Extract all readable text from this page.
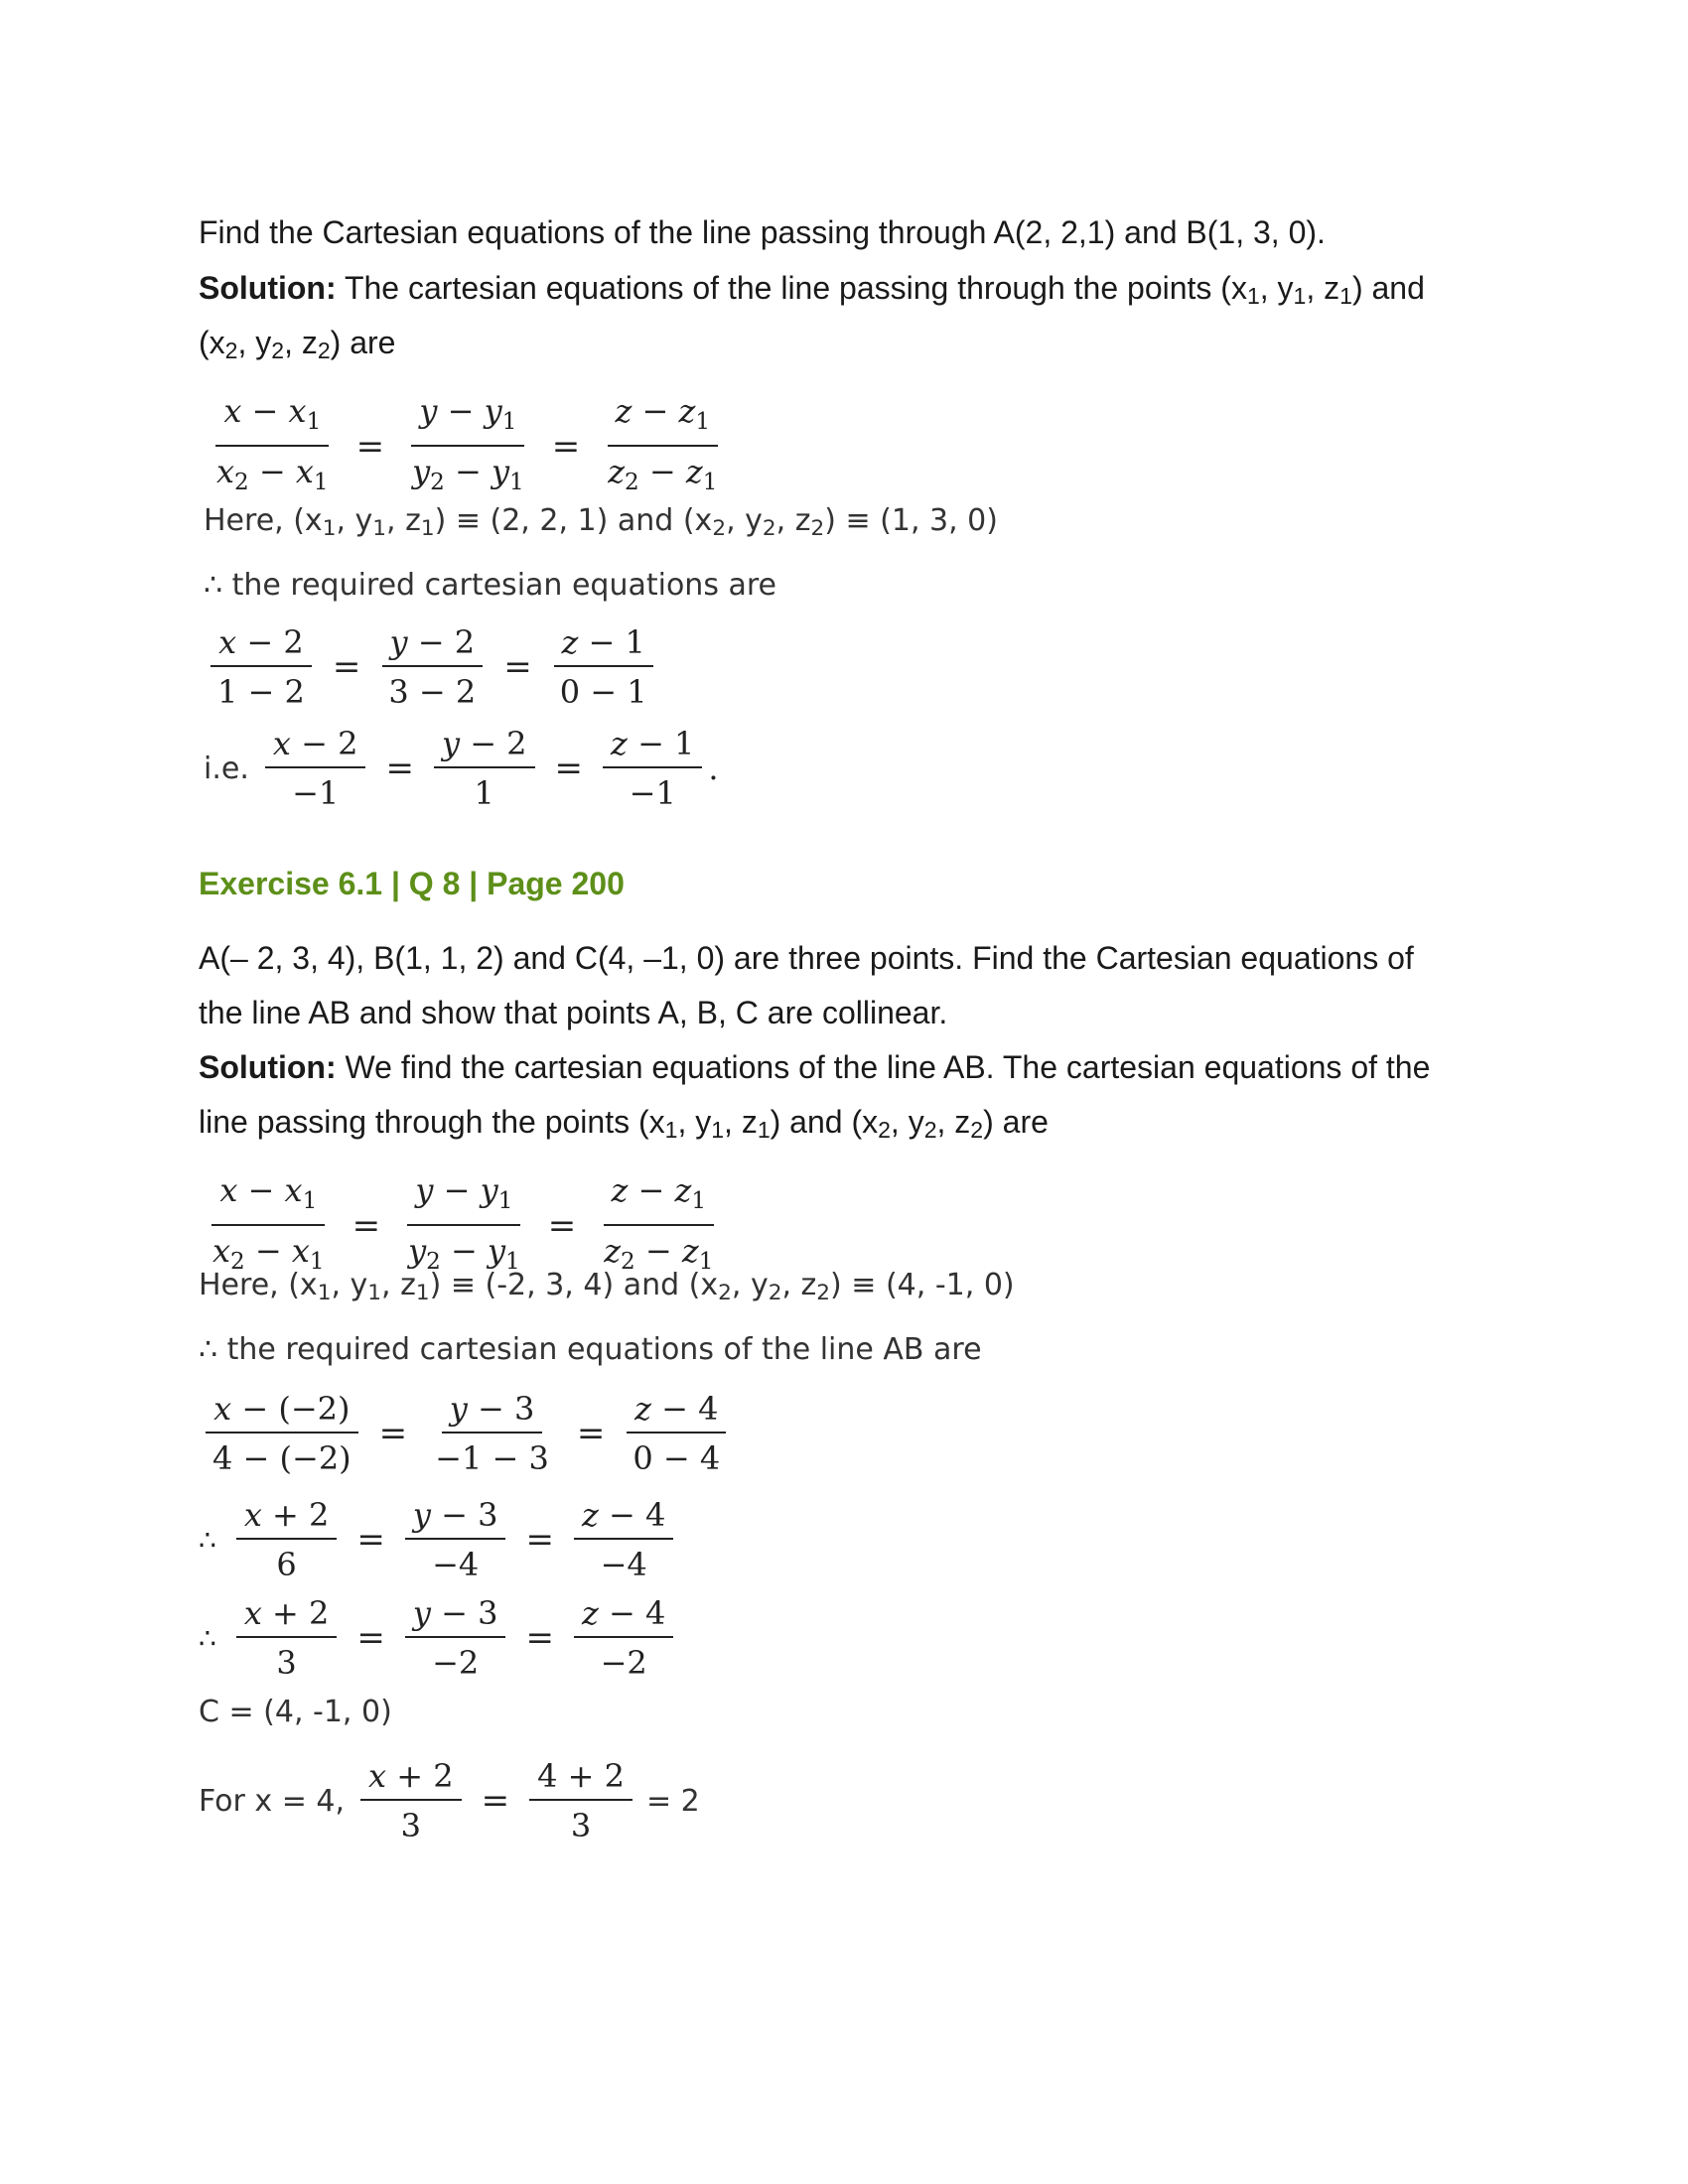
Find the Cartesian equations of the line passing through A(2, 2,1) and B(1, 3, 0).
Solution: The cartesian equations of the line passing through the points ($x_1$, $y_1$, $z_1$) and
($x_2$, $y_2$, $z_2$) are
$\frac{x - x_1}{x_2 - x_1} = \frac{y - y_1}{y_2 - y_1} = \frac{z - z_1}{z_2 - z_1}$
Here, ($x_1$, $y_1$, $z_1) \equiv (2$, 2, 1) and ($x_2$, $y_2$, $z_2) \equiv (1$, 3, 0)
∴ the required cartesian equations are
$\frac{x - 2}{1 - 2} = \frac{y - 2}{3 - 2} = \frac{z - 1}{0 - 1}$
i.e. $\frac{x - 2}{-1} = \frac{y - 2}{1} = \frac{z - 1}{-1}$ .
Exercise 6.1 | Q 8 | Page 200
A(– 2, 3, 4), B(1, 1, 2) and C(4, –1, 0) are three points. Find the Cartesian equations of
the line AB and show that points A, B, C are collinear.
Solution: We find the cartesian equations of the line AB. The cartesian equations of the
line passing through the points ($x_1$, $y_1$, $z_1$) and ($x_2$, $y_2$, $z_2$) are
$\frac{x - x_1}{x_2 - x_1} = \frac{y - y_1}{y_2 - y_1} = \frac{z - z_1}{z_2 - z_1}$
Here, ($x_1$, $y_1$, $z_1) \equiv (-2$, 3, 4) and ($x_2$, $y_2$, $z_2) \equiv (4$, -1, 0)
∴ the required cartesian equations of the line AB are
$\frac{x - (-2)}{4 - (-2)} = \frac{y - 3}{-1 - 3} = \frac{z - 4}{0 - 4}$
∴ $\frac{x + 2}{6} = \frac{y - 3}{-4} = \frac{z - 4}{-4}$
∴ $\frac{x + 2}{3} = \frac{y - 3}{-2} = \frac{z - 4}{-2}$
C = (4, -1, 0)
For x = 4, $\frac{x + 2}{3} = \frac{4 + 2}{3} = 2$
